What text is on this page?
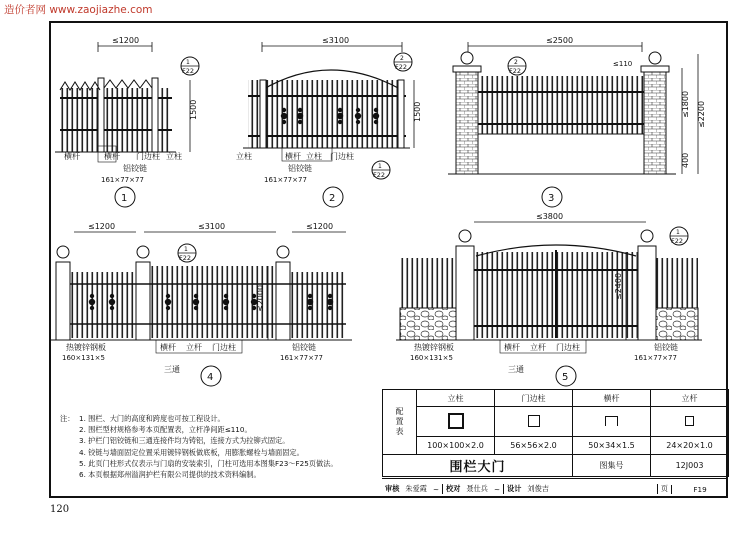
造价者网 www.zaojiazhe.com
≤1200
1500
1
F22
横杆	横杆 门边柱 立柱
铝铰链
161×77×77
1
≤3100
1500
2
F22
1
F22
立柱	横杆 立柱 门边柱
铝铰链
161×77×77
2
≤2500
≤110
≤1800 ≤2200
400
2
F22
3
≤1200	≤3100	≤1200
≤2000
1
F22
热镀锌钢板
160×131×5
横杆 立杆 门边柱
三通
铝铰链
161×77×77
4
≤3800
≤2400
1
F22
热镀锌钢板
160×131×5
横杆 立杆 门边柱
三通
铝铰链
161×77×77
5
注： 1. 围栏、大门的高度和跨度也可按工程设计。
2. 围栏型材规格参考本页配置表，立杆净间距≤110。
3. 护栏门铝铰链和三通连接件均为铸铝，连接方式为拉铆式固定。
4. 铰链与墙面固定位置采用镀锌钢板做底板，用膨胀螺栓与墙面固定。
5. 此页门柱形式仅表示与门扇的安装索引，门柱可选用本图集F23～F25页做法。
6. 本页根据郑州溢润护栏有限公司提供的技术资料编制。
配置表	立柱	门边柱	横杆	立杆

	100×100×2.0	56×56×2.0	50×34×1.5	24×20×1.0
围栏大门			图集号	12J003
审核 朱爱霞 ~ 校对 聂仕兵 ~ 设计 刘俊吉	页	F19
120
